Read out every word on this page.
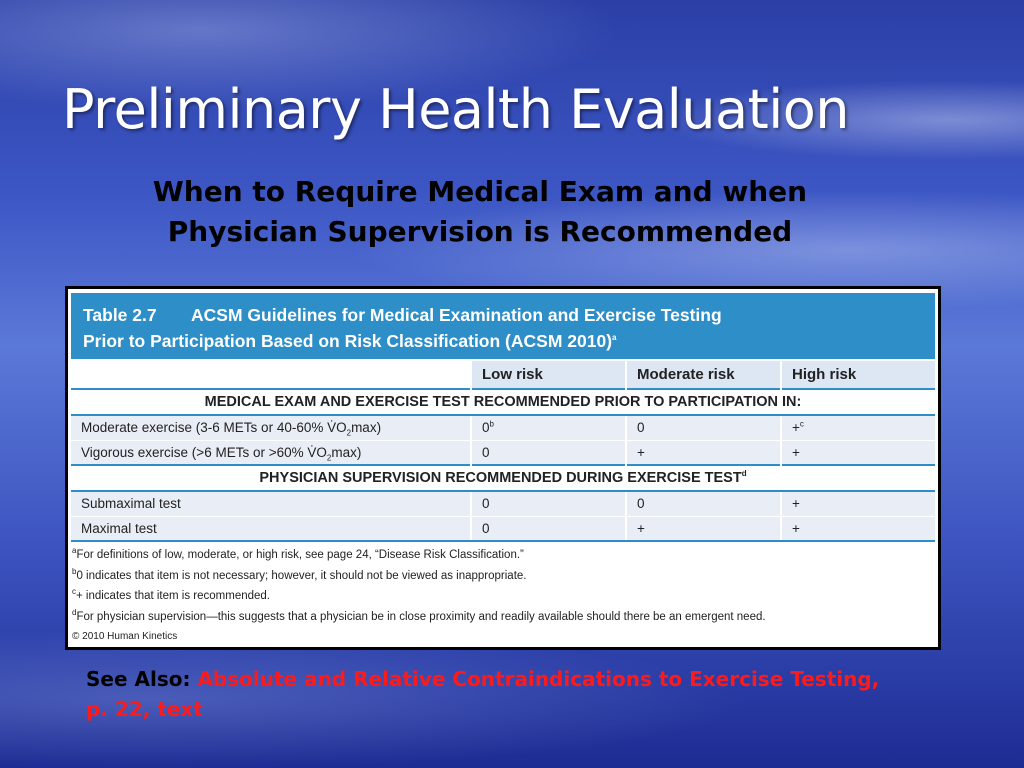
Preliminary Health Evaluation
When to Require Medical Exam and when
Physician Supervision is Recommended
Table 2.7 ACSM Guidelines for Medical Examination and Exercise Testing
Prior to Participation Based on Risk Classification (ACSM 2010)$^a$
	Low risk	Moderate risk	High risk
MEDICAL EXAM AND EXERCISE TEST RECOMMENDED PRIOR TO PARTICIPATION IN:			
Moderate exercise (3-6 METs or 40-60% $V̇O_2\max$)	0$^b$	0	+$^c$
Vigorous exercise (>6 METs or >60% $V̇O_2\max$)	0	+	+
PHYSICIAN SUPERVISION RECOMMENDED DURING EXERCISE TEST$^d$
Submaximal test	0	0	+
Maximal test	0	+	+
$^a$For definitions of low, moderate, or high risk, see page 24, “Disease Risk Classification.”
$^b$0 indicates that item is not necessary; however, it should not be viewed as inappropriate.
$^c$+ indicates that item is recommended.
$^d$For physician supervision—this suggests that a physician be in close proximity and readily available should there be an emergent need.
© 2010 Human Kinetics
See Also: Absolute and Relative Contraindications to Exercise Testing, p. 22, text
